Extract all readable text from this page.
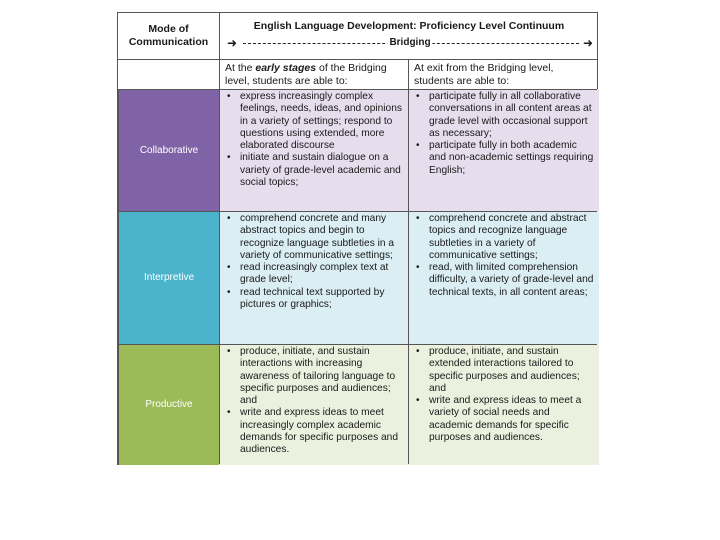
Mode of Communication
English Language Development: Proficiency Level Continuum
➜	Bridging	➜
At the early stages of the Bridging level, students are able to:
At exit from the Bridging level, students are able to:
Collaborative
• express increasingly complex feelings, needs, ideas, and opinions in a variety of settings; respond to questions using extended, more elaborated discourse
• initiate and sustain dialogue on a variety of grade-level academic and social topics;
• participate fully in all collaborative conversations in all content areas at grade level with occasional support as necessary;
• participate fully in both academic and non-academic settings requiring English;
Interpretive
• comprehend concrete and many abstract topics and begin to recognize language subtleties in a variety of communicative settings;
• read increasingly complex text at grade level;
• read technical text supported by pictures or graphics;
• comprehend concrete and abstract topics and recognize language subtleties in a variety of communicative settings;
• read, with limited comprehension difficulty, a variety of grade-level and technical texts, in all content areas;
Productive
• produce, initiate, and sustain interactions with increasing awareness of tailoring language to specific purposes and audiences; and
• write and express ideas to meet increasingly complex academic demands for specific purposes and audiences.
• produce, initiate, and sustain extended interactions tailored to specific purposes and audiences; and
• write and express ideas to meet a variety of social needs and academic demands for specific purposes and audiences.
